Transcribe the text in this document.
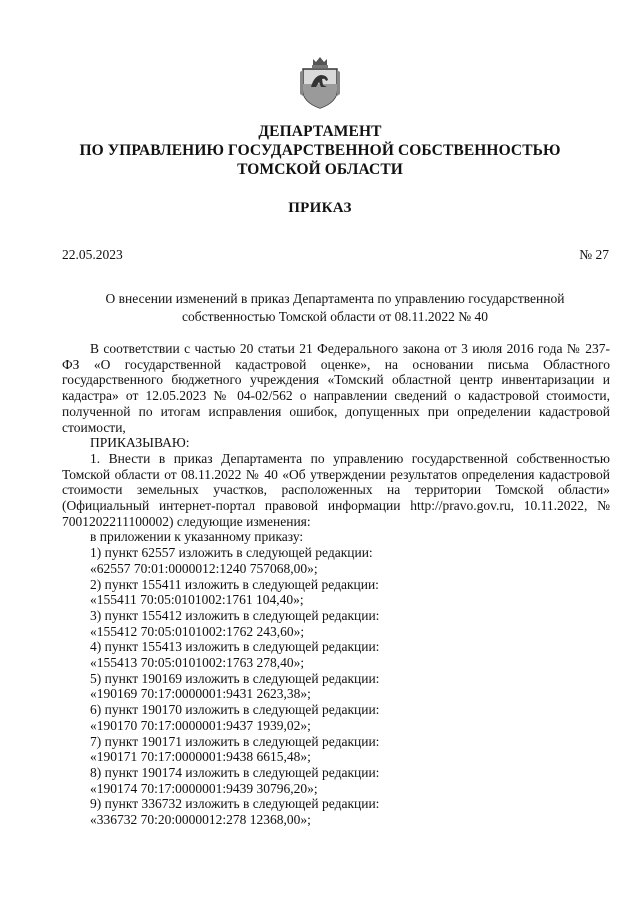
ДЕПАРТАМЕНТ
ПО УПРАВЛЕНИЮ ГОСУДАРСТВЕННОЙ СОБСТВЕННОСТЬЮ
ТОМСКОЙ ОБЛАСТИ
ПРИКАЗ
22.05.2023	№ 27
О внесении изменений в приказ Департамента по управлению государственной собственностью Томской области от 08.11.2022 № 40

В соответствии с частью 20 статьи 21 Федерального закона от 3 июля 2016 года № 237-ФЗ «О государственной кадастровой оценке», на основании письма Областного государственного бюджетного учреждения «Томский областной центр инвентаризации и кадастра» от 12.05.2023 № 04-02/562 о направлении сведений о кадастровой стоимости, полученной по итогам исправления ошибок, допущенных при определении кадастровой стоимости,

ПРИКАЗЫВАЮ:

1. Внести в приказ Департамента по управлению государственной собственностью Томской области от 08.11.2022 № 40 «Об утверждении результатов определения кадастровой стоимости земельных участков, расположенных на территории Томской области» (Официальный интернет-портал правовой информации http://pravo.gov.ru, 10.11.2022, № 7001202211100002) следующие изменения:

в приложении к указанному приказу:

1) пункт 62557 изложить в следующей редакции:

«62557 70:01:0000012:1240 757068,00»;

2) пункт 155411 изложить в следующей редакции:

«155411 70:05:0101002:1761 104,40»;

3) пункт 155412 изложить в следующей редакции:

«155412 70:05:0101002:1762 243,60»;

4) пункт 155413 изложить в следующей редакции:

«155413 70:05:0101002:1763 278,40»;

5) пункт 190169 изложить в следующей редакции:

«190169 70:17:0000001:9431 2623,38»;

6) пункт 190170 изложить в следующей редакции:

«190170 70:17:0000001:9437 1939,02»;

7) пункт 190171 изложить в следующей редакции:

«190171 70:17:0000001:9438 6615,48»;

8) пункт 190174 изложить в следующей редакции:

«190174 70:17:0000001:9439 30796,20»;

9) пункт 336732 изложить в следующей редакции:

«336732 70:20:0000012:278 12368,00»;
